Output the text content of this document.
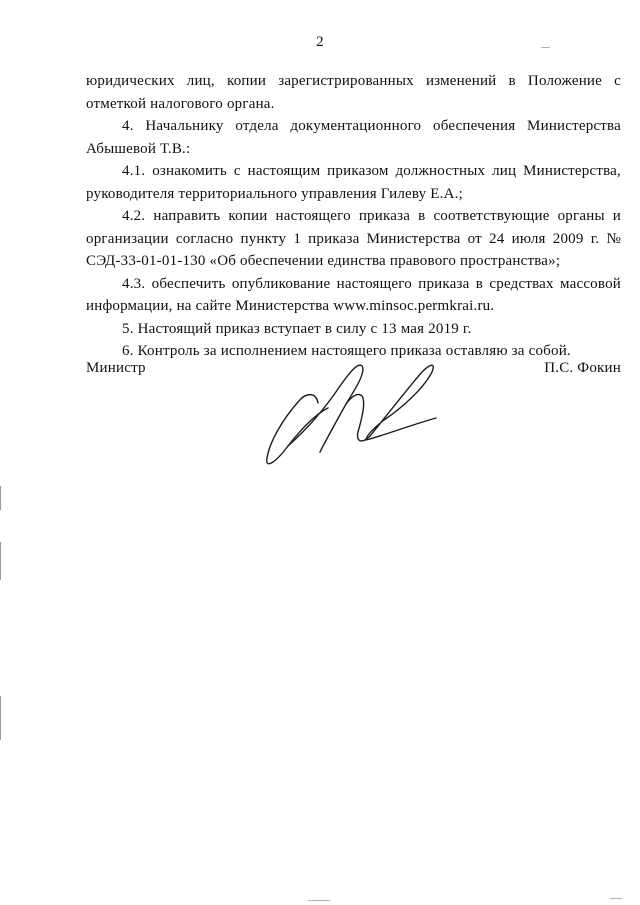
2

юридических лиц, копии зарегистрированных изменений в Положение с отметкой налогового органа.

4. Начальнику отдела документационного обеспечения Министерства Абышевой Т.В.:

4.1. ознакомить с настоящим приказом должностных лиц Министерства, руководителя территориального управления Гилеву Е.А.;

4.2. направить копии настоящего приказа в соответствующие органы и организации согласно пункту 1 приказа Министерства от 24 июля 2009 г. № СЭД-33-01-01-130 «Об обеспечении единства правового пространства»;

4.3. обеспечить опубликование настоящего приказа в средствах массовой информации, на сайте Министерства www.minsoc.permkrai.ru.

5. Настоящий приказ вступает в силу с 13 мая 2019 г.

6. Контроль за исполнением настоящего приказа оставляю за собой.

Министр	П.С. Фокин
